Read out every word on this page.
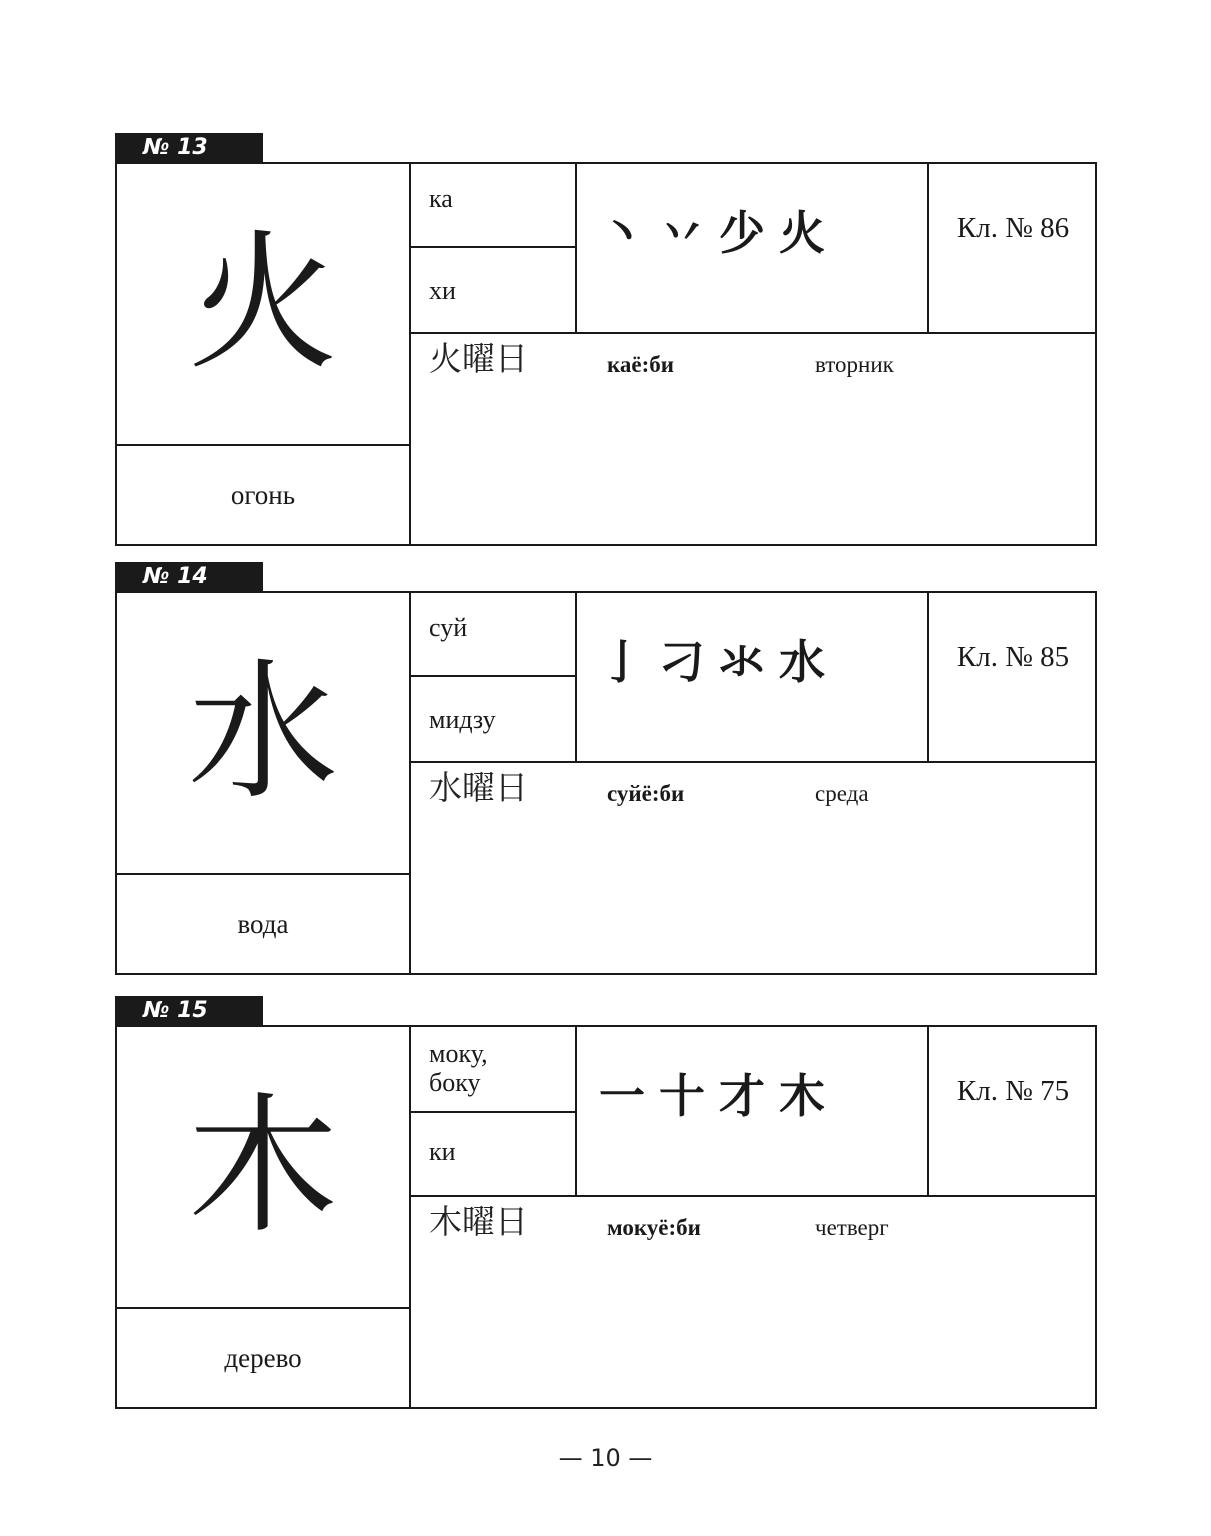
№ 13
火
огонь
ка
хи
丶 丷 少 火	Кл. № 86
火曜日	каё:би	вторник
№ 14
水
вода
суй
мидзу
亅 刁 氺 水	Кл. № 85
水曜日	суйё:би	среда
№ 15
木
дерево
моку, боку
ки
一 十 才 木	Кл. № 75
木曜日	мокуё:би	четверг
— 10 —
